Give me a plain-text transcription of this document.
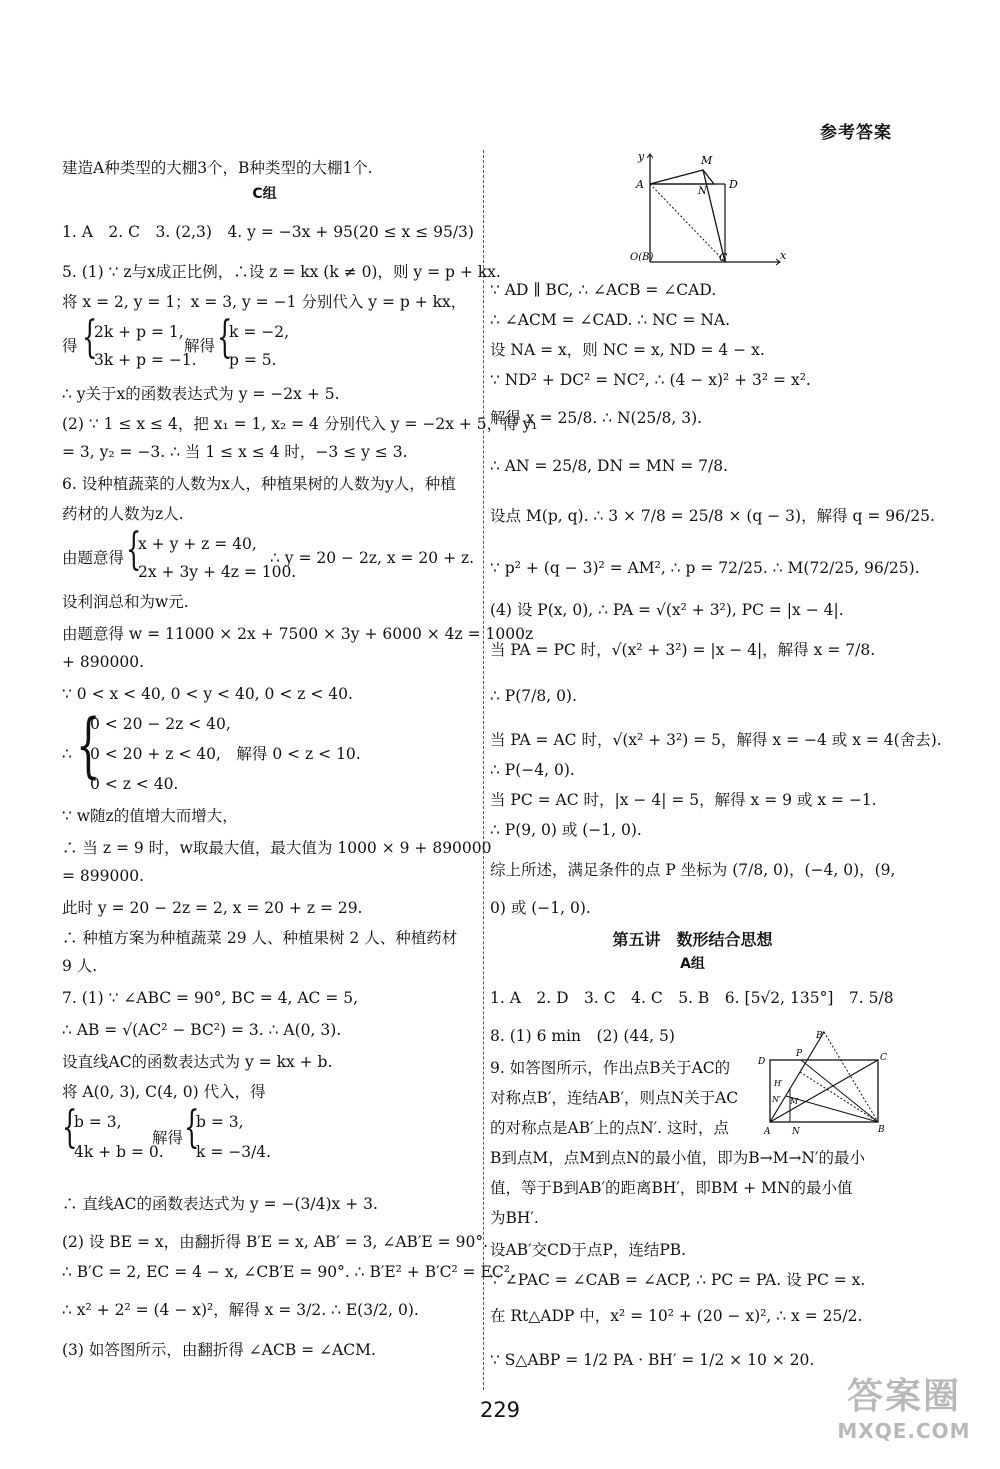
参考答案
建造A种类型的大棚3个，B种类型的大棚1个.
C组
1. A　2. C　3. (2,3)　4. y = −3x + 95(20 ≤ x ≤ 95/3)
5. (1) ∵ z与x成正比例，∴设 z = kx (k ≠ 0)，则 y = p + kx.
将 x = 2, y = 1；x = 3, y = −1 分别代入 y = p + kx，
得 {
2k + p = 1,
3k + p = −1.
解得 {
k = −2,
p = 5.
∴ y关于x的函数表达式为 y = −2x + 5.
(2) ∵ 1 ≤ x ≤ 4，把 x₁ = 1, x₂ = 4 分别代入 y = −2x + 5，得 y₁
= 3, y₂ = −3. ∴ 当 1 ≤ x ≤ 4 时，−3 ≤ y ≤ 3.
6. 设种植蔬菜的人数为x人，种植果树的人数为y人，种植
药材的人数为z人.
由题意得 {
x + y + z = 40,
2x + 3y + 4z = 100.
∴ y = 20 − 2z, x = 20 + z.
设利润总和为w元.
由题意得 w = 11000 × 2x + 7500 × 3y + 6000 × 4z = 1000z
+ 890000.
∵ 0 < x < 40, 0 < y < 40, 0 < z < 40.
∴ {
0 < 20 − 2z < 40,
0 < 20 + z < 40,　解得 0 < z < 10.
0 < z < 40.
∵ w随z的值增大而增大，
∴ 当 z = 9 时，w取最大值，最大值为 1000 × 9 + 890000
= 899000.
此时 y = 20 − 2z = 2, x = 20 + z = 29.
∴ 种植方案为种植蔬菜 29 人、种植果树 2 人、种植药材
9 人.
7. (1) ∵ ∠ABC = 90°, BC = 4, AC = 5,
∴ AB = √(AC² − BC²) = 3. ∴ A(0, 3).
设直线AC的函数表达式为 y = kx + b.
将 A(0, 3), C(4, 0) 代入，得
{
b = 3,
4k + b = 0.
解得 {
b = 3,
k = −3/4.
∴ 直线AC的函数表达式为 y = −(3/4)x + 3.
(2) 设 BE = x，由翻折得 B′E = x, AB′ = 3, ∠AB′E = 90°.
∴ B′C = 2, EC = 4 − x, ∠CB′E = 90°. ∴ B′E² + B′C² = EC².
∴ x² + 2² = (4 − x)²，解得 x = 3/2. ∴ E(3/2, 0).
(3) 如答图所示，由翻折得 ∠ACB = ∠ACM.
y	M
A
N
D
O(B)	C	x
∵ AD ∥ BC, ∴ ∠ACB = ∠CAD.
∴ ∠ACM = ∠CAD. ∴ NC = NA.
设 NA = x，则 NC = x, ND = 4 − x.
∵ ND² + DC² = NC², ∴ (4 − x)² + 3² = x².
解得 x = 25/8. ∴ N(25/8, 3).
∴ AN = 25/8, DN = MN = 7/8.
设点 M(p, q). ∴ 3 × 7/8 = 25/8 × (q − 3)，解得 q = 96/25.
∵ p² + (q − 3)² = AM², ∴ p = 72/25. ∴ M(72/25, 96/25).
(4) 设 P(x, 0), ∴ PA = √(x² + 3²), PC = |x − 4|.
当 PA = PC 时，√(x² + 3²) = |x − 4|，解得 x = 7/8.
∴ P(7/8, 0).
当 PA = AC 时，√(x² + 3²) = 5，解得 x = −4 或 x = 4(舍去).
∴ P(−4, 0).
当 PC = AC 时，|x − 4| = 5，解得 x = 9 或 x = −1.
∴ P(9, 0) 或 (−1, 0).
综上所述，满足条件的点 P 坐标为 (7/8, 0)，(−4, 0)，(9,
0) 或 (−1, 0).
第五讲　数形结合思想
A组
1. A　2. D　3. C　4. C　5. B　6. [5√2, 135°]　7. 5/8
8. (1) 6 min　(2) (44, 5)
9. 如答图所示，作出点B关于AC的
对称点B′，连结AB′，则点N关于AC
的对称点是AB′上的点N′. 这时，点
B′
D
P	C
H′
N′ M
A N	B
B到点M，点M到点N的最小值，即为B→M→N′的最小
值，等于B到AB′的距离BH′，即BM + MN的最小值
为BH′.
设AB′交CD于点P，连结PB.
∵ ∠PAC = ∠CAB = ∠ACP, ∴ PC = PA. 设 PC = x.
在 Rt△ADP 中，x² = 10² + (20 − x)², ∴ x = 25/2.
∵ S△ABP = 1/2 PA · BH′ = 1/2 × 10 × 20.
229	答案圈
MXQE.COM
